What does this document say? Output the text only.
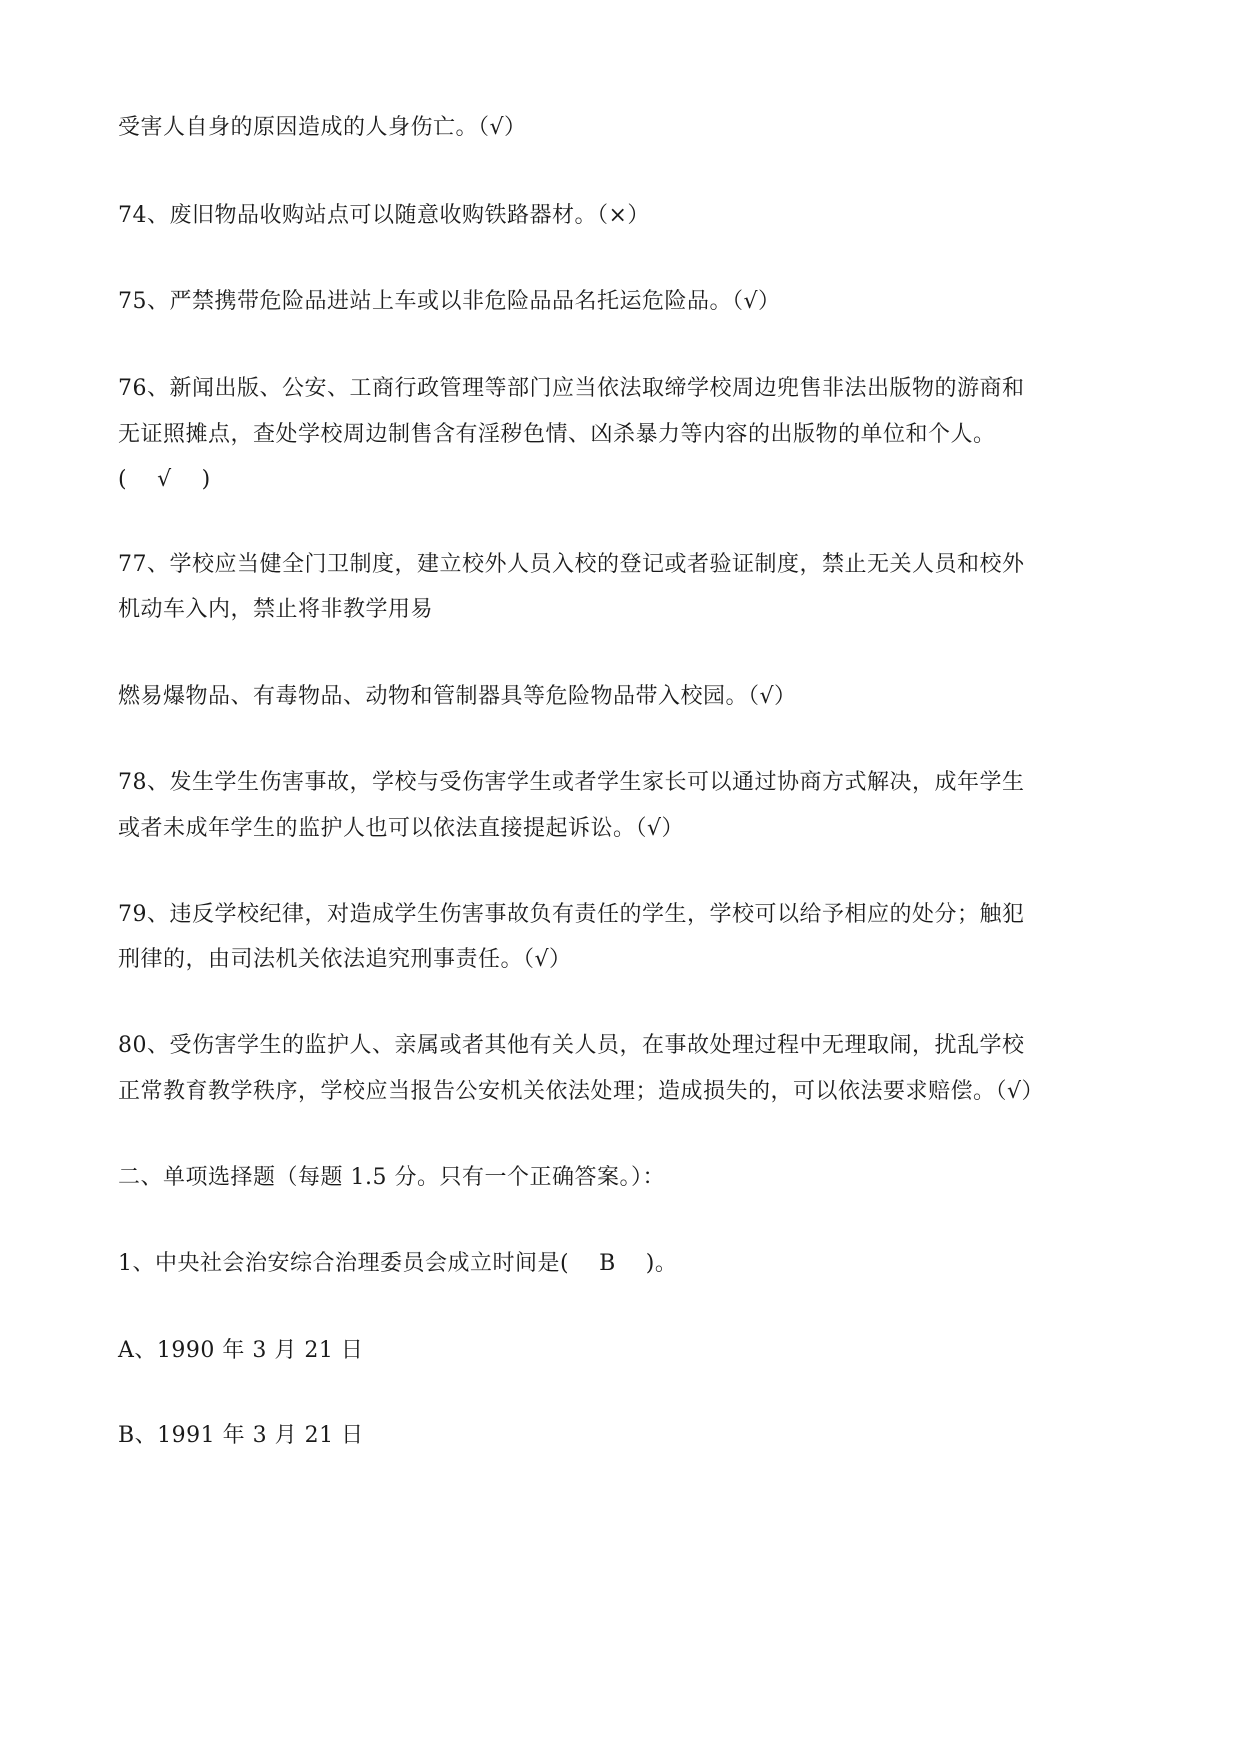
受害人自身的原因造成的人身伤亡。（√）
74、废旧物品收购站点可以随意收购铁路器材。（×）
75、严禁携带危险品进站上车或以非危险品品名托运危险品。（√）
76、新闻出版、公安、工商行政管理等部门应当依法取缔学校周边兜售非法出版物的游商和
无证照摊点，查处学校周边制售含有淫秽色情、凶杀暴力等内容的出版物的单位和个人。
(　 √　 )
77、学校应当健全门卫制度，建立校外人员入校的登记或者验证制度，禁止无关人员和校外
机动车入内，禁止将非教学用易
燃易爆物品、有毒物品、动物和管制器具等危险物品带入校园。（√）
78、发生学生伤害事故，学校与受伤害学生或者学生家长可以通过协商方式解决，成年学生
或者未成年学生的监护人也可以依法直接提起诉讼。（√）
79、违反学校纪律，对造成学生伤害事故负有责任的学生，学校可以给予相应的处分；触犯
刑律的，由司法机关依法追究刑事责任。（√）
80、受伤害学生的监护人、亲属或者其他有关人员，在事故处理过程中无理取闹，扰乱学校
正常教育教学秩序，学校应当报告公安机关依法处理；造成损失的，可以依法要求赔偿。（√）
二、单项选择题（每题 1.5 分。只有一个正确答案。）：
1、中央社会治安综合治理委员会成立时间是(　 B　 )。
A、1990 年 3 月 21 日
B、1991 年 3 月 21 日
